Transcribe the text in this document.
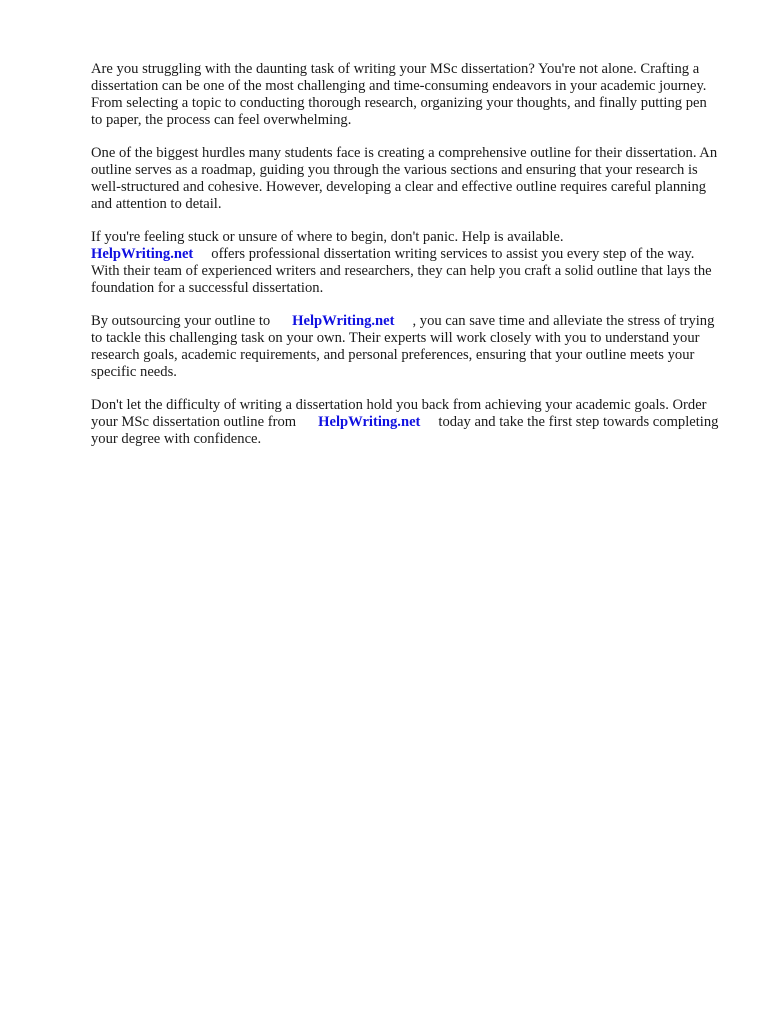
Are you struggling with the daunting task of writing your MSc dissertation? You're not alone. Crafting a dissertation can be one of the most challenging and time-consuming endeavors in your academic journey. From selecting a topic to conducting thorough research, organizing your thoughts, and finally putting pen to paper, the process can feel overwhelming.

One of the biggest hurdles many students face is creating a comprehensive outline for their dissertation. An outline serves as a roadmap, guiding you through the various sections and ensuring that your research is well-structured and cohesive. However, developing a clear and effective outline requires careful planning and attention to detail.

If you're feeling stuck or unsure of where to begin, don't panic. Help is available.
HelpWriting.net offers professional dissertation writing services to assist you every step of the way. With their team of experienced writers and researchers, they can help you craft a solid outline that lays the foundation for a successful dissertation.

By outsourcing your outline to HelpWriting.net , you can save time and alleviate the stress of trying to tackle this challenging task on your own. Their experts will work closely with you to understand your research goals, academic requirements, and personal preferences, ensuring that your outline meets your specific needs.

Don't let the difficulty of writing a dissertation hold you back from achieving your academic goals. Order your MSc dissertation outline from HelpWriting.net today and take the first step towards completing your degree with confidence.
